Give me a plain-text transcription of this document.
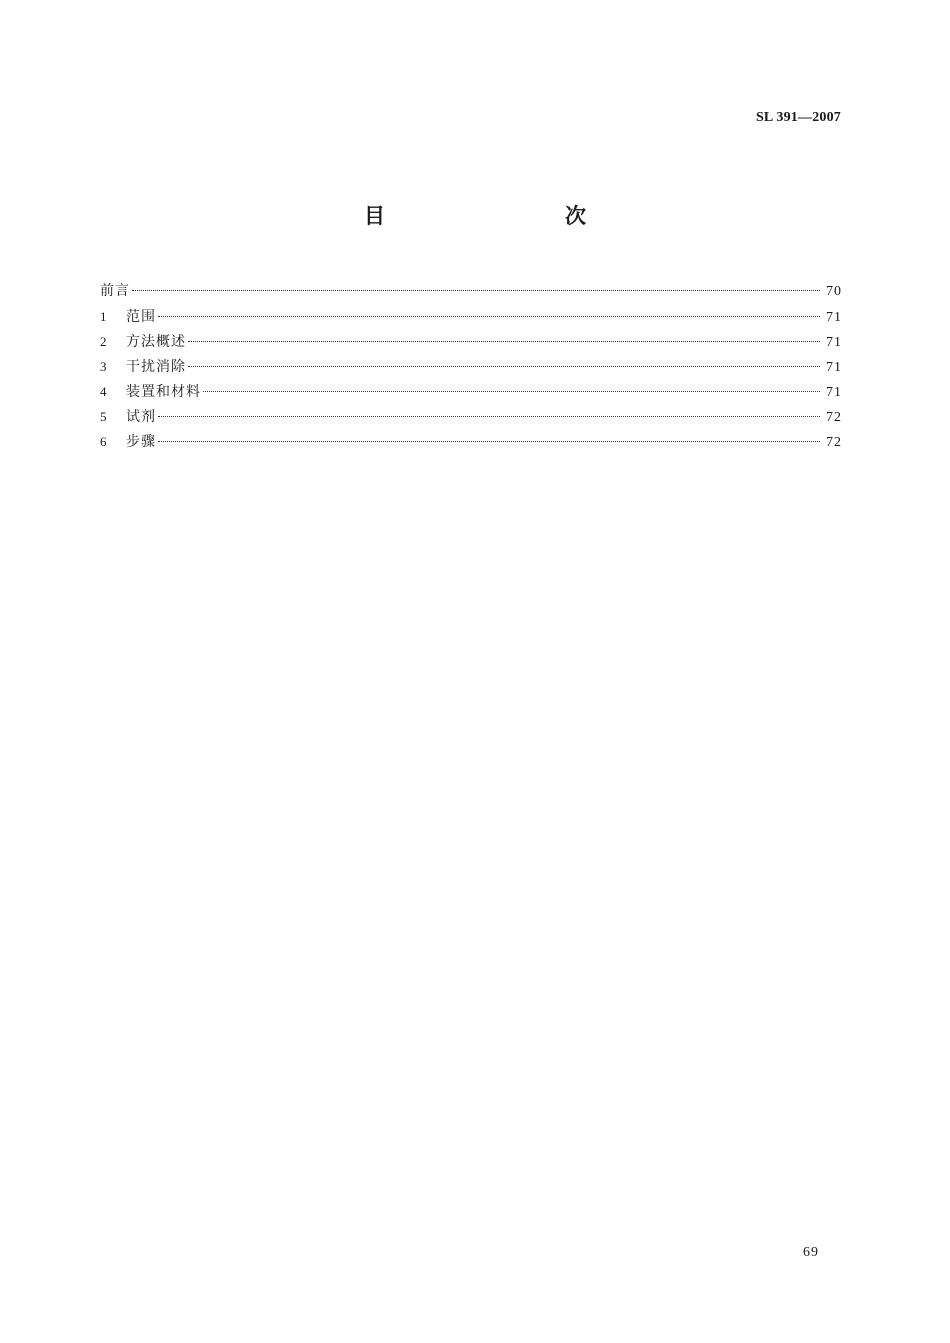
SL 391—2007
目　　次
前言	70
1	范围	71
2	方法概述	71
3	干扰消除	71
4	装置和材料	71
5	试剂	72
6	步骤	72
69
